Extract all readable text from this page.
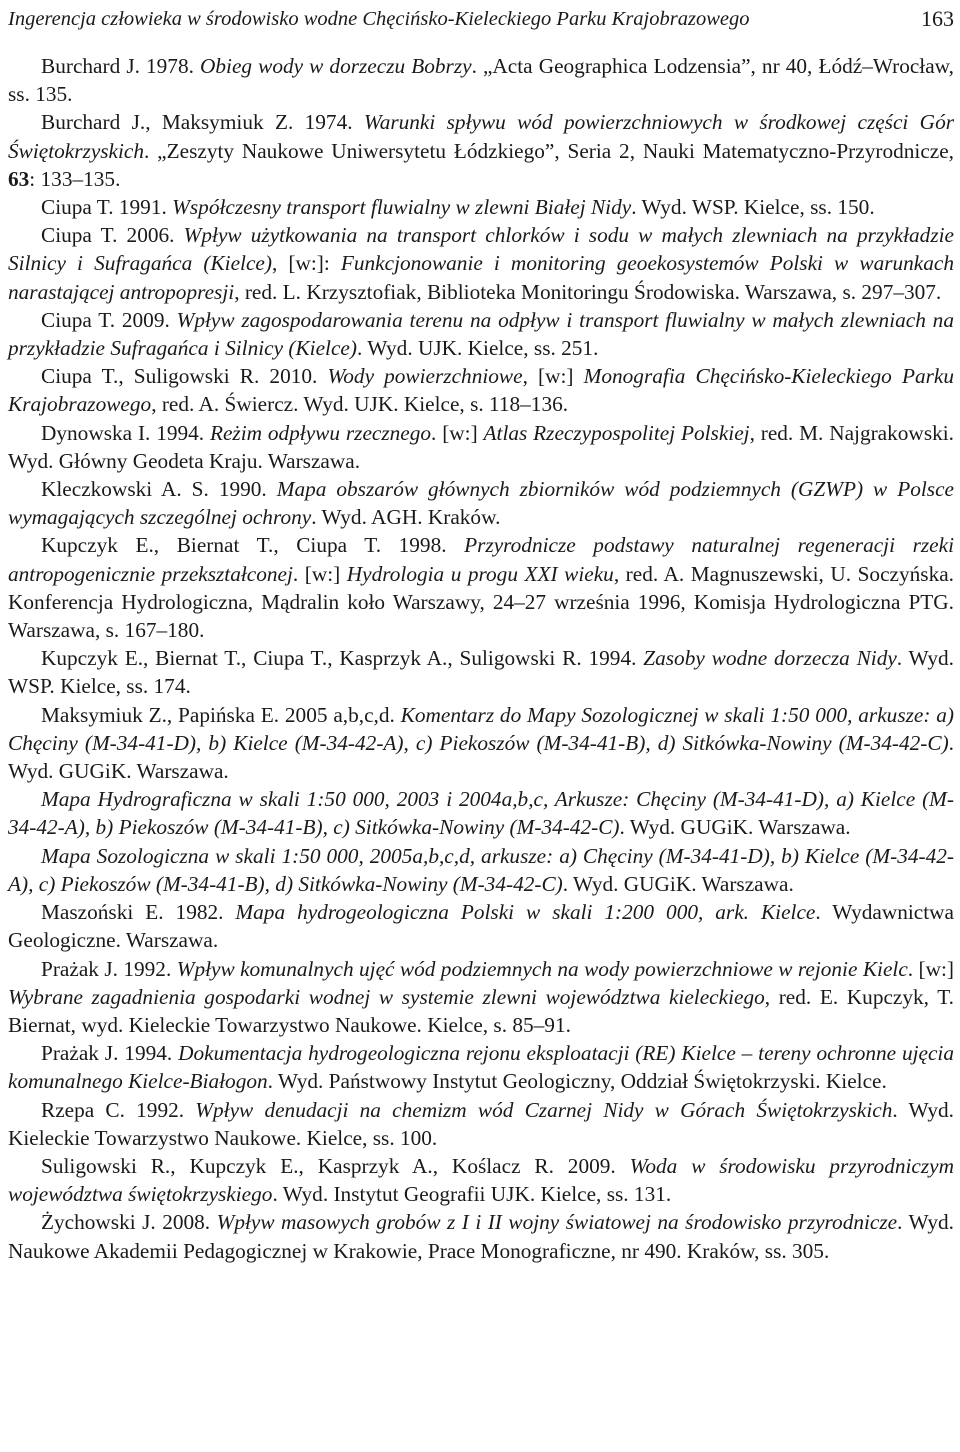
Ingerencja człowieka w środowisko wodne Chęcińsko-Kieleckiego Parku Krajobrazowego	163

Burchard J. 1978. Obieg wody w dorzeczu Bobrzy. „Acta Geographica Lodzensia”, nr 40, Łódź–Wrocław, ss. 135.

Burchard J., Maksymiuk Z. 1974. Warunki spływu wód powierzchniowych w środkowej części Gór Świętokrzyskich. „Zeszyty Naukowe Uniwersytetu Łódzkiego”, Seria 2, Nauki Matematyczno-Przyrodnicze, 63: 133–135.

Ciupa T. 1991. Współczesny transport fluwialny w zlewni Białej Nidy. Wyd. WSP. Kielce, ss. 150.

Ciupa T. 2006. Wpływ użytkowania na transport chlorków i sodu w małych zlewniach na przykładzie Silnicy i Sufragańca (Kielce), [w:]: Funkcjonowanie i monitoring geoekosystemów Polski w warunkach narastającej antropopresji, red. L. Krzysztofiak, Biblioteka Monitoringu Środowiska. Warszawa, s. 297–307.

Ciupa T. 2009. Wpływ zagospodarowania terenu na odpływ i transport fluwialny w małych zlewniach na przykładzie Sufragańca i Silnicy (Kielce). Wyd. UJK. Kielce, ss. 251.

Ciupa T., Suligowski R. 2010. Wody powierzchniowe, [w:] Monografia Chęcińsko-Kieleckiego Parku Krajobrazowego, red. A. Świercz. Wyd. UJK. Kielce, s. 118–136.

Dynowska I. 1994. Reżim odpływu rzecznego. [w:] Atlas Rzeczypospolitej Polskiej, red. M. Najgrakowski. Wyd. Główny Geodeta Kraju. Warszawa.

Kleczkowski A. S. 1990. Mapa obszarów głównych zbiorników wód podziemnych (GZWP) w Polsce wymagających szczególnej ochrony. Wyd. AGH. Kraków.

Kupczyk E., Biernat T., Ciupa T. 1998. Przyrodnicze podstawy naturalnej regeneracji rzeki antropogenicznie przekształconej. [w:] Hydrologia u progu XXI wieku, red. A. Magnuszewski, U. Soczyńska. Konferencja Hydrologiczna, Mądralin koło Warszawy, 24–27 września 1996, Komisja Hydrologiczna PTG. Warszawa, s. 167–180.

Kupczyk E., Biernat T., Ciupa T., Kasprzyk A., Suligowski R. 1994. Zasoby wodne dorzecza Nidy. Wyd. WSP. Kielce, ss. 174.

Maksymiuk Z., Papińska E. 2005 a,b,c,d. Komentarz do Mapy Sozologicznej w skali 1:50 000, arkusze: a) Chęciny (M-34-41-D), b) Kielce (M-34-42-A), c) Piekoszów (M-34-41-B), d) Sitkówka-Nowiny (M-34-42-C). Wyd. GUGiK. Warszawa.

Mapa Hydrograficzna w skali 1:50 000, 2003 i 2004a,b,c, Arkusze: Chęciny (M-34-41-D), a) Kielce (M-34-42-A), b) Piekoszów (M-34-41-B), c) Sitkówka-Nowiny (M-34-42-C). Wyd. GUGiK. Warszawa.

Mapa Sozologiczna w skali 1:50 000, 2005a,b,c,d, arkusze: a) Chęciny (M-34-41-D), b) Kielce (M-34-42-A), c) Piekoszów (M-34-41-B), d) Sitkówka-Nowiny (M-34-42-C). Wyd. GUGiK. Warszawa.

Maszoński E. 1982. Mapa hydrogeologiczna Polski w skali 1:200 000, ark. Kielce. Wydawnictwa Geologiczne. Warszawa.

Prażak J. 1992. Wpływ komunalnych ujęć wód podziemnych na wody powierzchniowe w rejonie Kielc. [w:] Wybrane zagadnienia gospodarki wodnej w systemie zlewni województwa kieleckiego, red. E. Kupczyk, T. Biernat, wyd. Kieleckie Towarzystwo Naukowe. Kielce, s. 85–91.

Prażak J. 1994. Dokumentacja hydrogeologiczna rejonu eksploatacji (RE) Kielce – tereny ochronne ujęcia komunalnego Kielce-Białogon. Wyd. Państwowy Instytut Geologiczny, Oddział Świętokrzyski. Kielce.

Rzepa C. 1992. Wpływ denudacji na chemizm wód Czarnej Nidy w Górach Świętokrzyskich. Wyd. Kieleckie Towarzystwo Naukowe. Kielce, ss. 100.

Suligowski R., Kupczyk E., Kasprzyk A., Koślacz R. 2009. Woda w środowisku przyrodniczym województwa świętokrzyskiego. Wyd. Instytut Geografii UJK. Kielce, ss. 131.

Żychowski J. 2008. Wpływ masowych grobów z I i II wojny światowej na środowisko przyrodnicze. Wyd. Naukowe Akademii Pedagogicznej w Krakowie, Prace Monograficzne, nr 490. Kraków, ss. 305.
